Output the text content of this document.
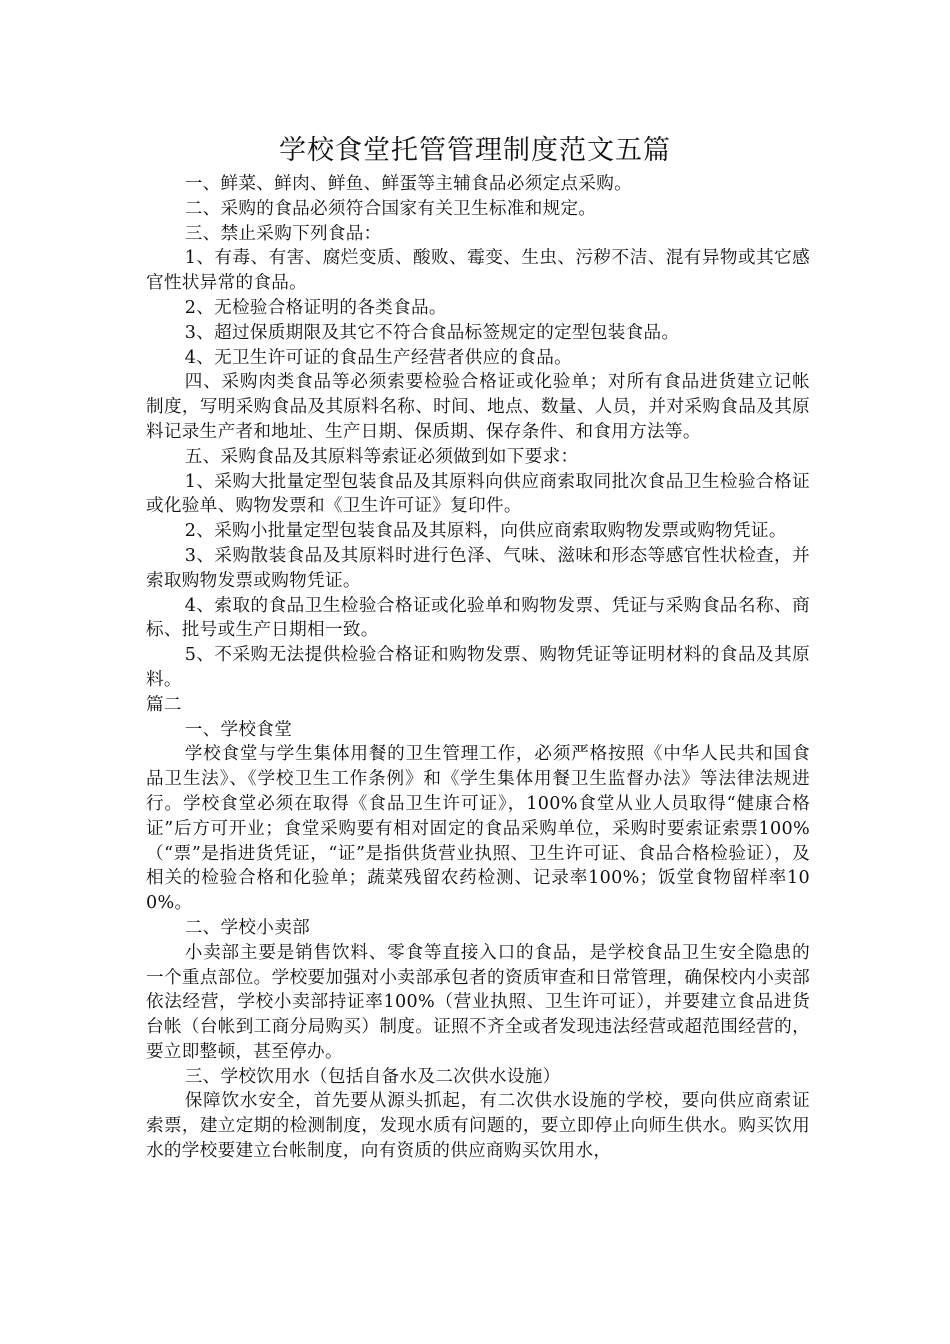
学校食堂托管管理制度范文五篇

一、鲜菜、鲜肉、鲜鱼、鲜蛋等主辅食品必须定点采购。

二、采购的食品必须符合国家有关卫生标准和规定。

三、禁止采购下列食品：

1、有毒、有害、腐烂变质、酸败、霉变、生虫、污秽不洁、混有异物或其它感官性状异常的食品。

2、无检验合格证明的各类食品。

3、超过保质期限及其它不符合食品标签规定的定型包装食品。

4、无卫生许可证的食品生产经营者供应的食品。

四、采购肉类食品等必须索要检验合格证或化验单；对所有食品进货建立记帐制度，写明采购食品及其原料名称、时间、地点、数量、人员，并对采购食品及其原料记录生产者和地址、生产日期、保质期、保存条件、和食用方法等。

五、采购食品及其原料等索证必须做到如下要求：

1、采购大批量定型包装食品及其原料向供应商索取同批次食品卫生检验合格证或化验单、购物发票和《卫生许可证》复印件。

2、采购小批量定型包装食品及其原料，向供应商索取购物发票或购物凭证。

3、采购散装食品及其原料时进行色泽、气味、滋味和形态等感官性状检查，并索取购物发票或购物凭证。

4、索取的食品卫生检验合格证或化验单和购物发票、凭证与采购食品名称、商标、批号或生产日期相一致。

5、不采购无法提供检验合格证和购物发票、购物凭证等证明材料的食品及其原料。

篇二

一、学校食堂

学校食堂与学生集体用餐的卫生管理工作，必须严格按照《中华人民共和国食品卫生法》、《学校卫生工作条例》和《学生集体用餐卫生监督办法》等法律法规进行。学校食堂必须在取得《食品卫生许可证》，100%食堂从业人员取得“健康合格证”后方可开业；食堂采购要有相对固定的食品采购单位，采购时要索证索票100%（“票”是指进货凭证，“证”是指供货营业执照、卫生许可证、食品合格检验证），及相关的检验合格和化验单；蔬菜残留农药检测、记录率100%；饭堂食物留样率100%。

二、学校小卖部

小卖部主要是销售饮料、零食等直接入口的食品，是学校食品卫生安全隐患的一个重点部位。学校要加强对小卖部承包者的资质审查和日常管理，确保校内小卖部依法经营，学校小卖部持证率100%（营业执照、卫生许可证），并要建立食品进货台帐（台帐到工商分局购买）制度。证照不齐全或者发现违法经营或超范围经营的，要立即整顿，甚至停办。

三、学校饮用水（包括自备水及二次供水设施）

保障饮水安全，首先要从源头抓起，有二次供水设施的学校，要向供应商索证索票，建立定期的检测制度，发现水质有问题的，要立即停止向师生供水。购买饮用水的学校要建立台帐制度，向有资质的供应商购买饮用水，
